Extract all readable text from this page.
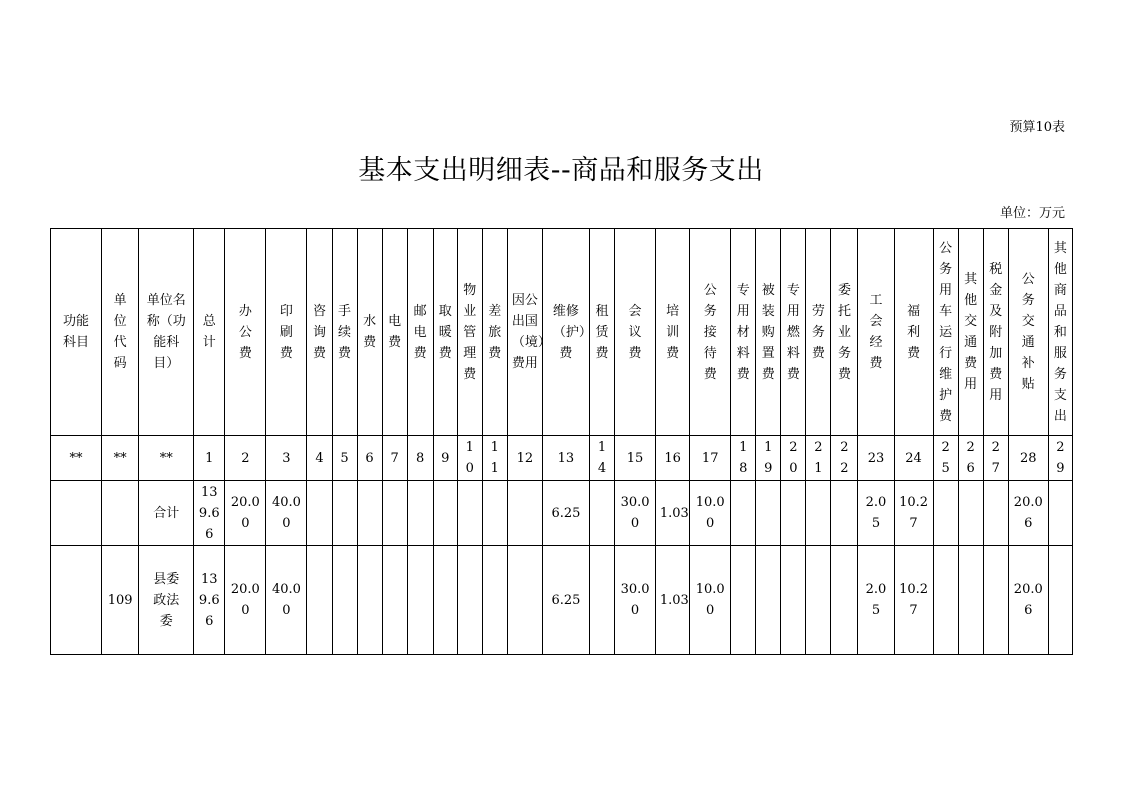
预算10表
基本支出明细表--商品和服务支出
单位：万元
功能科目	单位代码	单位名称（功能科目）	总计	办公费	印刷费	咨询费	手续费	水费	电费	邮电费	取暖费	物业管理费	差旅费	因公出国（境）费用	维修（护）费	租赁费	会议费	培训费	公务接待费	专用材料费	被装购置费	专用燃料费	劳务费	委托业务费	工会经费	福利费	公务用车运行维护费	其他交通费用	税金及附加费用	公务交通补贴	其他商品和服务支出
**	**	**	1	2	3	4	5	6	7	8	9	10	11	12	13	14	15	16	17	18	19	20	21	22	23	24	25	26	27	28	29
		合计	139.66	20.00	40.00										6.25		30.00	1.03	10.00						2.05	10.27				20.06	
	109	县委政法委	139.66	20.00	40.00										6.25		30.00	1.03	10.00						2.05	10.27				20.06	
